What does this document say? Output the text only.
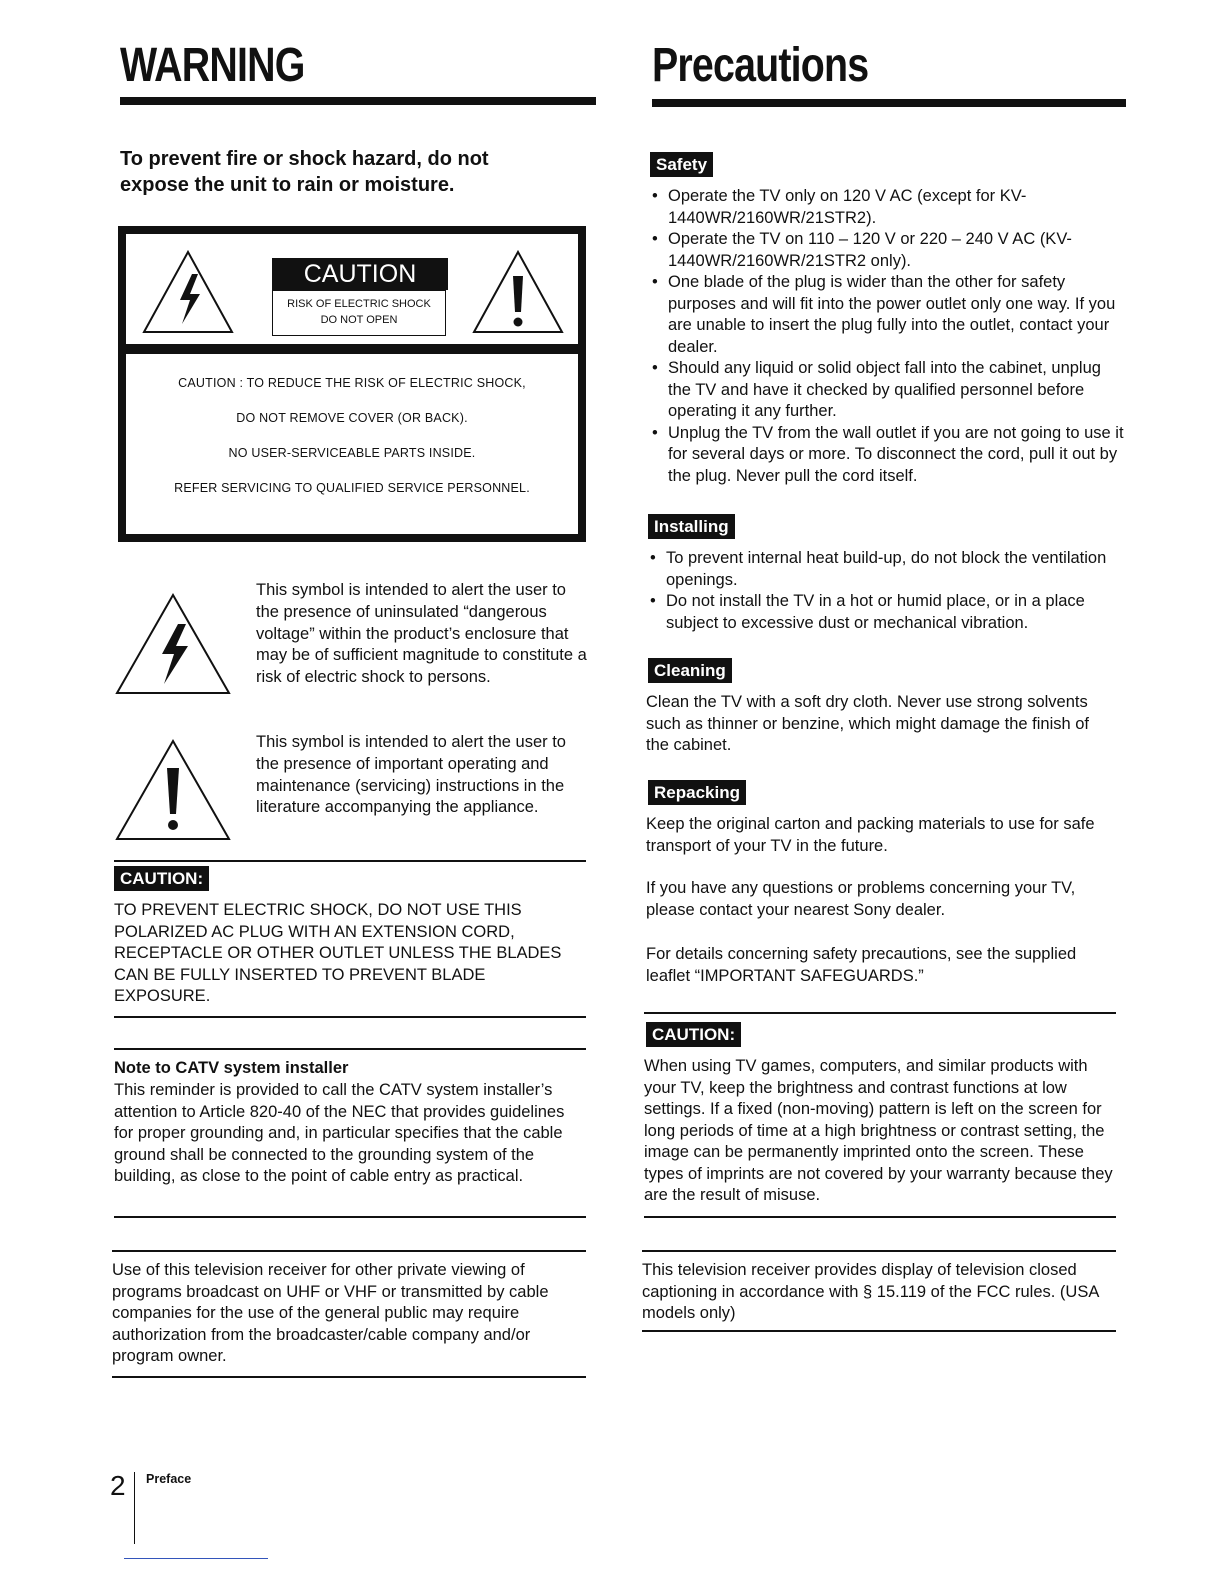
WARNING
To prevent fire or shock hazard, do not expose the unit to rain or moisture.
CAUTION
RISK OF ELECTRIC SHOCK
DO NOT OPEN
CAUTION : TO REDUCE THE RISK OF ELECTRIC SHOCK,
DO NOT REMOVE COVER (OR BACK).
NO USER-SERVICEABLE PARTS INSIDE.
REFER SERVICING TO QUALIFIED SERVICE PERSONNEL.
This symbol is intended to alert the user to the presence of uninsulated “dangerous voltage” within the product’s enclosure that may be of sufficient magnitude to constitute a risk of electric shock to persons.
This symbol is intended to alert the user to the presence of important operating and maintenance (servicing) instructions in the literature accompanying the appliance.
CAUTION:

TO PREVENT ELECTRIC SHOCK, DO NOT USE THIS POLARIZED AC PLUG WITH AN EXTENSION CORD, RECEPTACLE OR OTHER OUTLET UNLESS THE BLADES CAN BE FULLY INSERTED TO PREVENT BLADE EXPOSURE.

Note to CATV system installer

This reminder is provided to call the CATV system installer’s attention to Article 820-40 of the NEC that provides guidelines for proper grounding and, in particular specifies that the cable ground shall be connected to the grounding system of the building, as close to the point of cable entry as practical.

Use of this television receiver for other private viewing of programs broadcast on UHF or VHF or transmitted by cable companies for the use of the general public may require authorization from the broadcaster/cable company and/or program owner.

Precautions
Safety
• Operate the TV only on 120 V AC (except for KV-1440WR/2160WR/21STR2).
• Operate the TV on 110 – 120 V or 220 – 240 V AC (KV-1440WR/2160WR/21STR2 only).
• One blade of the plug is wider than the other for safety purposes and will fit into the power outlet only one way. If you are unable to insert the plug fully into the outlet, contact your dealer.
• Should any liquid or solid object fall into the cabinet, unplug the TV and have it checked by qualified personnel before operating it any further.
• Unplug the TV from the wall outlet if you are not going to use it for several days or more. To disconnect the cord, pull it out by the plug. Never pull the cord itself.
Installing
• To prevent internal heat build-up, do not block the ventilation openings.
• Do not install the TV in a hot or humid place, or in a place subject to excessive dust or mechanical vibration.
Cleaning

Clean the TV with a soft dry cloth. Never use strong solvents such as thinner or benzine, which might damage the finish of the cabinet.

Repacking

Keep the original carton and packing materials to use for safe transport of your TV in the future.

If you have any questions or problems concerning your TV, please contact your nearest Sony dealer.

For details concerning safety precautions, see the supplied leaflet “IMPORTANT SAFEGUARDS.”

CAUTION:

When using TV games, computers, and similar products with your TV, keep the brightness and contrast functions at low settings. If a fixed (non-moving) pattern is left on the screen for long periods of time at a high brightness or contrast setting, the image can be permanently imprinted onto the screen. These types of imprints are not covered by your warranty because they are the result of misuse.

This television receiver provides display of television closed captioning in accordance with § 15.119 of the FCC rules. (USA models only)

2 Preface
